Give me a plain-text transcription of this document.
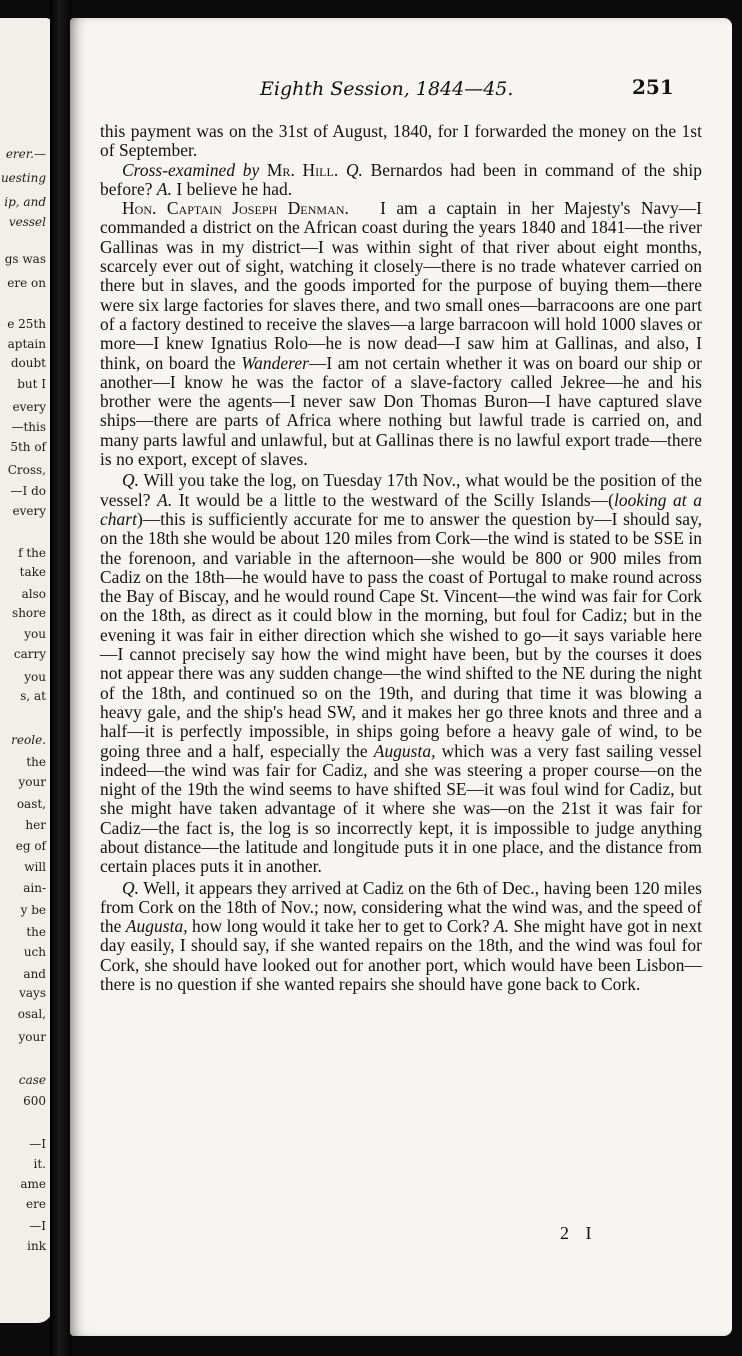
erer.—
uesting
ip, and
vessel
gs was
ere on
e 25th
aptain
doubt
but I
every
—this
5th of
Cross,
—I do
every
f the
take
also
shore
you
carry
you
s, at
reole.
the
your
oast,
her
eg of
will
ain-
y be
the
uch
and
vays
osal,
your
case
600
—I
it.
ame
ere
—I
ink
Eighth Session, 1844—45.	251

this payment was on the 31st of August, 1840, for I forwarded the money on the 1st of September.

Cross-examined by Mr. Hill. Q. Bernardos had been in command of the ship before? A. I believe he had.

Hon. Captain Joseph Denman. I am a captain in her Majesty's Navy—I commanded a district on the African coast during the years 1840 and 1841—the river Gallinas was in my district—I was within sight of that river about eight months, scarcely ever out of sight, watching it closely—there is no trade whatever carried on there but in slaves, and the goods imported for the purpose of buying them—there were six large factories for slaves there, and two small ones—barracoons are one part of a factory destined to receive the slaves—a large barracoon will hold 1000 slaves or more—I knew Ignatius Rolo—he is now dead—I saw him at Gallinas, and also, I think, on board the Wanderer—I am not certain whether it was on board our ship or another—I know he was the factor of a slave-factory called Jekree—he and his brother were the agents—I never saw Don Thomas Buron—I have captured slave ships—there are parts of Africa where nothing but lawful trade is carried on, and many parts lawful and unlawful, but at Gallinas there is no lawful export trade—there is no export, except of slaves.

Q. Will you take the log, on Tuesday 17th Nov., what would be the position of the vessel? A. It would be a little to the westward of the Scilly Islands—(looking at a chart)—this is sufficiently accurate for me to answer the question by—I should say, on the 18th she would be about 120 miles from Cork—the wind is stated to be SSE in the forenoon, and variable in the afternoon—she would be 800 or 900 miles from Cadiz on the 18th—he would have to pass the coast of Portugal to make round across the Bay of Biscay, and he would round Cape St. Vincent—the wind was fair for Cork on the 18th, as direct as it could blow in the morning, but foul for Cadiz; but in the evening it was fair in either direction which she wished to go—it says variable here—I cannot precisely say how the wind might have been, but by the courses it does not appear there was any sudden change—the wind shifted to the NE during the night of the 18th, and continued so on the 19th, and during that time it was blowing a heavy gale, and the ship's head SW, and it makes her go three knots and three and a half—it is perfectly impossible, in ships going before a heavy gale of wind, to be going three and a half, especially the Augusta, which was a very fast sailing vessel indeed—the wind was fair for Cadiz, and she was steering a proper course—on the night of the 19th the wind seems to have shifted SE—it was foul wind for Cadiz, but she might have taken advantage of it where she was—on the 21st it was fair for Cadiz—the fact is, the log is so incorrectly kept, it is impossible to judge anything about distance—the latitude and longitude puts it in one place, and the distance from certain places puts it in another.

Q. Well, it appears they arrived at Cadiz on the 6th of Dec., having been 120 miles from Cork on the 18th of Nov.; now, considering what the wind was, and the speed of the Augusta, how long would it take her to get to Cork? A. She might have got in next day easily, I should say, if she wanted repairs on the 18th, and the wind was foul for Cork, she should have looked out for another port, which would have been Lisbon—there is no question if she wanted repairs she should have gone back to Cork.

2 I
